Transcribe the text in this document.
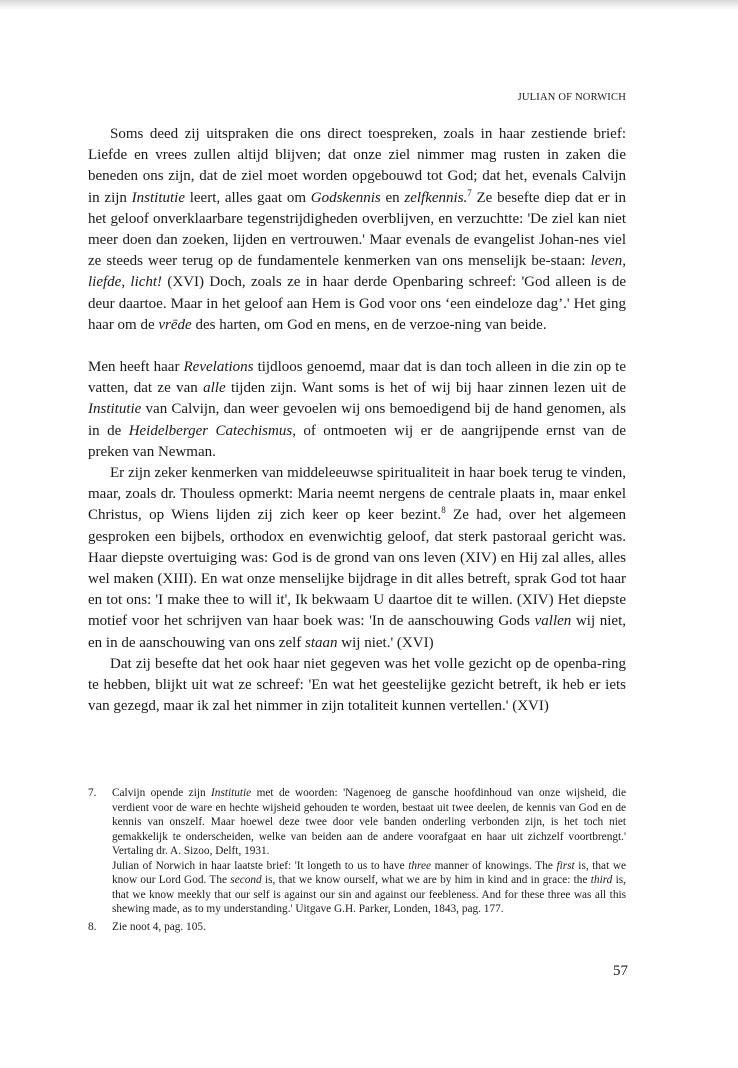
JULIAN OF NORWICH

Soms deed zij uitspraken die ons direct toespreken, zoals in haar zestiende brief: Liefde en vrees zullen altijd blijven; dat onze ziel nimmer mag rusten in zaken die beneden ons zijn, dat de ziel moet worden opgebouwd tot God; dat het, evenals Calvijn in zijn Institutie leert, alles gaat om Godskennis en zelfkennis.$^7$ Ze besefte diep dat er in het geloof onverklaarbare tegenstrijdigheden overblijven, en verzuchtte: 'De ziel kan niet meer doen dan zoeken, lijden en vertrouwen.' Maar evenals de evangelist Johan-nes viel ze steeds weer terug op de fundamentele kenmerken van ons menselijk be-staan: leven, liefde, licht! (XVI) Doch, zoals ze in haar derde Openbaring schreef: 'God alleen is de deur daartoe. Maar in het geloof aan Hem is God voor ons ‘een eindeloze dag’.' Het ging haar om de vrēde des harten, om God en mens, en de verzoe-ning van beide.

Men heeft haar Revelations tijdloos genoemd, maar dat is dan toch alleen in die zin op te vatten, dat ze van alle tijden zijn. Want soms is het of wij bij haar zinnen lezen uit de Institutie van Calvijn, dan weer gevoelen wij ons bemoedigend bij de hand genomen, als in de Heidelberger Catechismus, of ontmoeten wij er de aangrijpende ernst van de preken van Newman.

Er zijn zeker kenmerken van middeleeuwse spiritualiteit in haar boek terug te vinden, maar, zoals dr. Thouless opmerkt: Maria neemt nergens de centrale plaats in, maar enkel Christus, op Wiens lijden zij zich keer op keer bezint.$^8$ Ze had, over het algemeen gesproken een bijbels, orthodox en evenwichtig geloof, dat sterk pastoraal gericht was. Haar diepste overtuiging was: God is de grond van ons leven (XIV) en Hij zal alles, alles wel maken (XIII). En wat onze menselijke bijdrage in dit alles betreft, sprak God tot haar en tot ons: 'I make thee to will it', Ik bekwaam U daartoe dit te willen. (XIV) Het diepste motief voor het schrijven van haar boek was: 'In de aanschouwing Gods vallen wij niet, en in de aanschouwing van ons zelf staan wij niet.' (XVI)

Dat zij besefte dat het ook haar niet gegeven was het volle gezicht op de openba-ring te hebben, blijkt uit wat ze schreef: 'En wat het geestelijke gezicht betreft, ik heb er iets van gezegd, maar ik zal het nimmer in zijn totaliteit kunnen vertellen.' (XVI)

7.	Calvijn opende zijn Institutie met de woorden: 'Nagenoeg de gansche hoofdinhoud van onze wijsheid, die verdient voor de ware en hechte wijsheid gehouden te worden, bestaat uit twee deelen, de kennis van God en de kennis van onszelf. Maar hoewel deze twee door vele banden onderling verbonden zijn, is het toch niet gemakkelijk te onderscheiden, welke van beiden aan de andere voorafgaat en haar uit zichzelf voortbrengt.' Vertaling dr. A. Sizoo, Delft, 1931.

Julian of Norwich in haar laatste brief: 'It longeth to us to have three manner of knowings. The first is, that we know our Lord God. The second is, that we know ourself, what we are by him in kind and in grace: the third is, that we know meekly that our self is against our sin and against our feebleness. And for these three was all this shewing made, as to my understanding.' Uitgave G.H. Parker, Londen, 1843, pag. 177.

8.	Zie noot 4, pag. 105.

57
